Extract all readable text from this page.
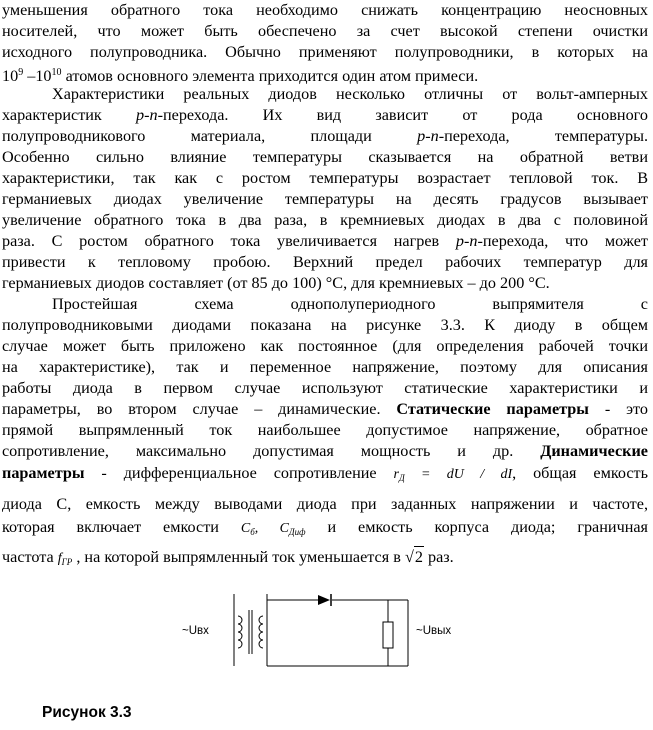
уменьшения обратного тока необходимо снижать концентрацию неосновных
носителей, что может быть обеспечено за счет высокой степени очистки
исходного полупроводника. Обычно применяют полупроводники, в которых на
$10^9$ $-10^{10}$ атомов основного элемента приходится один атом примеси.
Характеристики реальных диодов несколько отличны от вольт-амперных
характеристик p-n-перехода. Их вид зависит от рода основного
полупроводникового материала, площади p-n-перехода, температуры.
Особенно сильно влияние температуры сказывается на обратной ветви
характеристики, так как с ростом температуры возрастает тепловой ток. В
германиевых диодах увеличение температуры на десять градусов вызывает
увеличение обратного тока в два раза, в кремниевых диодах в два с половиной
раза. С ростом обратного тока увеличивается нагрев p-n-перехода, что может
привести к тепловому пробою. Верхний предел рабочих температур для
германиевых диодов составляет (от 85 до 100) °C, для кремниевых – до 200 °C.
Простейшая схема однополупериодного выпрямителя с
полупроводниковыми диодами показана на рисунке 3.3. К диоду в общем
случае может быть приложено как постоянное (для определения рабочей точки
на характеристике), так и переменное напряжение, поэтому для описания
работы диода в первом случае используют статические характеристики и
параметры, во втором случае – динамические. Статические параметры - это
прямой выпрямленный ток наибольшее допустимое напряжение, обратное
сопротивление, максимально допустимая мощность и др. Динамические
параметры - дифференциальное сопротивление $r_Д$ = dU / dI, общая емкость
диода С, емкость между выводами диода при заданных напряжении и частоте,
которая включает емкости $C_б$, $C_{Диф}$ и емкость корпуса диода; граничная
частота $f_{ГР}$ , на которой выпрямленный ток уменьшается в √2 раз.
~Uвх	~Uвых
Рисунок 3.3
